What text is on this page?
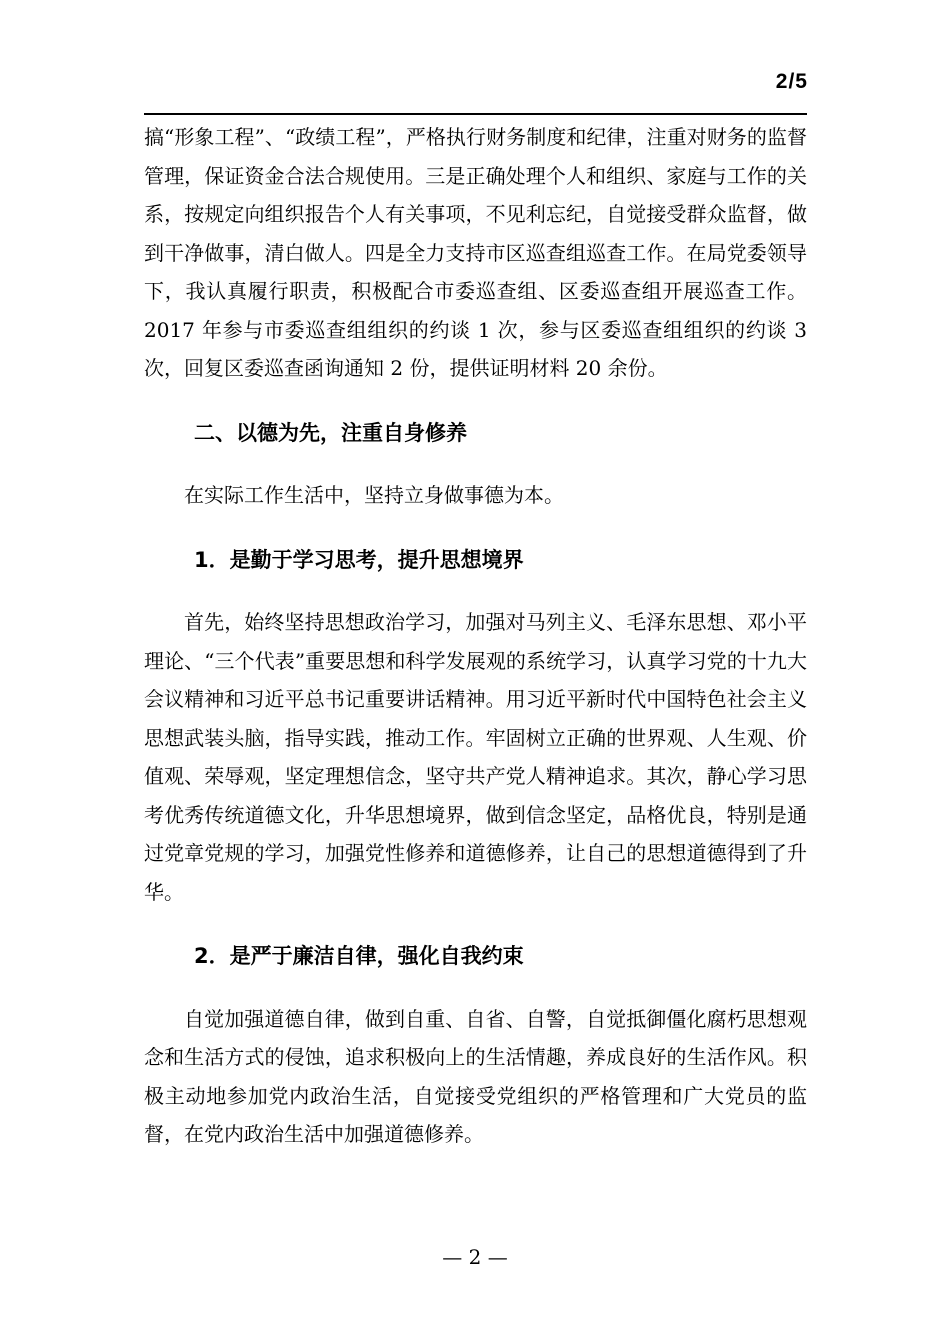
2/5

搞“形象工程”、“政绩工程”，严格执行财务制度和纪律，注重对财务的监督管理，保证资金合法合规使用。三是正确处理个人和组织、家庭与工作的关系，按规定向组织报告个人有关事项，不见利忘纪，自觉接受群众监督，做到干净做事，清白做人。四是全力支持市区巡查组巡查工作。在局党委领导下，我认真履行职责，积极配合市委巡查组、区委巡查组开展巡查工作。2017 年参与市委巡查组组织的约谈 1 次，参与区委巡查组组织的约谈 3 次，回复区委巡查函询通知 2 份，提供证明材料 20 余份。

二、以德为先，注重自身修养

在实际工作生活中，坚持立身做事德为本。

1．是勤于学习思考，提升思想境界

首先，始终坚持思想政治学习，加强对马列主义、毛泽东思想、邓小平理论、“三个代表”重要思想和科学发展观的系统学习，认真学习党的十九大会议精神和习近平总书记重要讲话精神。用习近平新时代中国特色社会主义思想武装头脑，指导实践，推动工作。牢固树立正确的世界观、人生观、价值观、荣辱观，坚定理想信念，坚守共产党人精神追求。其次，静心学习思考优秀传统道德文化，升华思想境界，做到信念坚定，品格优良，特别是通过党章党规的学习，加强党性修养和道德修养，让自己的思想道德得到了升华。

2．是严于廉洁自律，强化自我约束

自觉加强道德自律，做到自重、自省、自警，自觉抵御僵化腐朽思想观念和生活方式的侵蚀，追求积极向上的生活情趣，养成良好的生活作风。积极主动地参加党内政治生活，自觉接受党组织的严格管理和广大党员的监督，在党内政治生活中加强道德修养。

— 2 —
